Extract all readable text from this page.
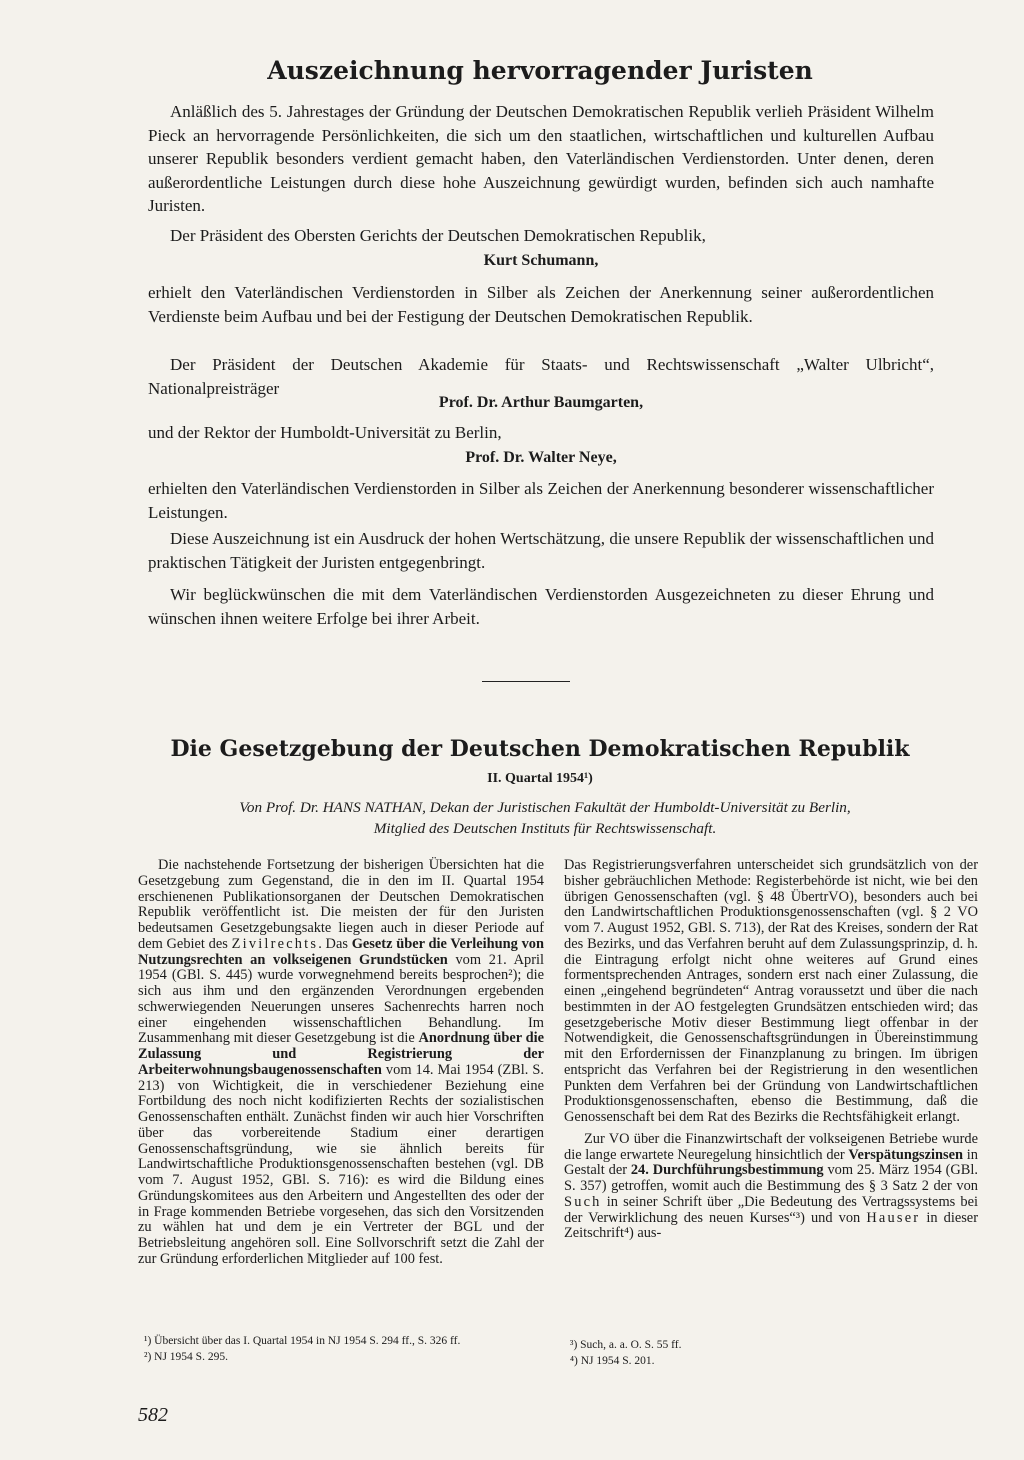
Auszeichnung hervorragender Juristen

Anläßlich des 5. Jahrestages der Gründung der Deutschen Demokratischen Republik verlieh Präsident Wilhelm Pieck an hervorragende Persönlichkeiten, die sich um den staatlichen, wirtschaftlichen und kulturellen Aufbau unserer Republik besonders verdient gemacht haben, den Vaterländischen Verdienstorden. Unter denen, deren außerordentliche Leistungen durch diese hohe Auszeichnung gewürdigt wurden, befinden sich auch namhafte Juristen.

Der Präsident des Obersten Gerichts der Deutschen Demokratischen Republik,

Kurt Schumann,

erhielt den Vaterländischen Verdienstorden in Silber als Zeichen der Anerkennung seiner außerordentlichen Verdienste beim Aufbau und bei der Festigung der Deutschen Demokratischen Republik.

Der Präsident der Deutschen Akademie für Staats- und Rechtswissenschaft „Walter Ulbricht“, Nationalpreisträger

Prof. Dr. Arthur Baumgarten,

und der Rektor der Humboldt-Universität zu Berlin,

Prof. Dr. Walter Neye,

erhielten den Vaterländischen Verdienstorden in Silber als Zeichen der Anerkennung besonderer wissenschaftlicher Leistungen.

Diese Auszeichnung ist ein Ausdruck der hohen Wertschätzung, die unsere Republik der wissenschaftlichen und praktischen Tätigkeit der Juristen entgegenbringt.

Wir beglückwünschen die mit dem Vaterländischen Verdienstorden Ausgezeichneten zu dieser Ehrung und wünschen ihnen weitere Erfolge bei ihrer Arbeit.

Die Gesetzgebung der Deutschen Demokratischen Republik
II. Quartal 1954¹)
Von Prof. Dr. HANS NATHAN, Dekan der Juristischen Fakultät der Humboldt-Universität zu Berlin,
Mitglied des Deutschen Instituts für Rechtswissenschaft.

Die nachstehende Fortsetzung der bisherigen Übersichten hat die Gesetzgebung zum Gegenstand, die in den im II. Quartal 1954 erschienenen Publikationsorganen der Deutschen Demokratischen Republik veröffentlicht ist. Die meisten der für den Juristen bedeutsamen Gesetzgebungsakte liegen auch in dieser Periode auf dem Gebiet des Zivilrechts. Das Gesetz über die Verleihung von Nutzungsrechten an volkseigenen Grundstücken vom 21. April 1954 (GBl. S. 445) wurde vorwegnehmend bereits besprochen²); die sich aus ihm und den ergänzenden Verordnungen ergebenden schwerwiegenden Neuerungen unseres Sachenrechts harren noch einer eingehenden wissenschaftlichen Behandlung. Im Zusammenhang mit dieser Gesetzgebung ist die Anordnung über die Zulassung und Registrierung der Arbeiterwohnungsbaugenossenschaften vom 14. Mai 1954 (ZBl. S. 213) von Wichtigkeit, die in verschiedener Beziehung eine Fortbildung des noch nicht kodifizierten Rechts der sozialistischen Genossenschaften enthält. Zunächst finden wir auch hier Vorschriften über das vorbereitende Stadium einer derartigen Genossenschaftsgründung, wie sie ähnlich bereits für Landwirtschaftliche Produktionsgenossenschaften bestehen (vgl. DB vom 7. August 1952, GBl. S. 716): es wird die Bildung eines Gründungskomitees aus den Arbeitern und Angestellten des oder der in Frage kommenden Betriebe vorgesehen, das sich den Vorsitzenden zu wählen hat und dem je ein Vertreter der BGL und der Betriebsleitung angehören soll. Eine Sollvorschrift setzt die Zahl der zur Gründung erforderlichen Mitglieder auf 100 fest.

Das Registrierungsverfahren unterscheidet sich grundsätzlich von der bisher gebräuchlichen Methode: Registerbehörde ist nicht, wie bei den übrigen Genossenschaften (vgl. § 48 ÜbertrVO), besonders auch bei den Landwirtschaftlichen Produktionsgenossenschaften (vgl. § 2 VO vom 7. August 1952, GBl. S. 713), der Rat des Kreises, sondern der Rat des Bezirks, und das Verfahren beruht auf dem Zulassungsprinzip, d. h. die Eintragung erfolgt nicht ohne weiteres auf Grund eines formentsprechenden Antrages, sondern erst nach einer Zulassung, die einen „eingehend begründeten“ Antrag voraussetzt und über die nach bestimmten in der AO festgelegten Grundsätzen entschieden wird; das gesetzgeberische Motiv dieser Bestimmung liegt offenbar in der Notwendigkeit, die Genossenschaftsgründungen in Übereinstimmung mit den Erfordernissen der Finanzplanung zu bringen. Im übrigen entspricht das Verfahren bei der Registrierung in den wesentlichen Punkten dem Verfahren bei der Gründung von Landwirtschaftlichen Produktionsgenossenschaften, ebenso die Bestimmung, daß die Genossenschaft bei dem Rat des Bezirks die Rechtsfähigkeit erlangt.

Zur VO über die Finanzwirtschaft der volkseigenen Betriebe wurde die lange erwartete Neuregelung hinsichtlich der Verspätungszinsen in Gestalt der 24. Durchführungsbestimmung vom 25. März 1954 (GBl. S. 357) getroffen, womit auch die Bestimmung des § 3 Satz 2 der von Such in seiner Schrift über „Die Bedeutung des Vertragssystems bei der Verwirklichung des neuen Kurses“³) und von Hauser in dieser Zeitschrift⁴) aus-

¹) Übersicht über das I. Quartal 1954 in NJ 1954 S. 294 ff., S. 326 ff.
²) NJ 1954 S. 295.
³) Such, a. a. O. S. 55 ff.
⁴) NJ 1954 S. 201.
582
